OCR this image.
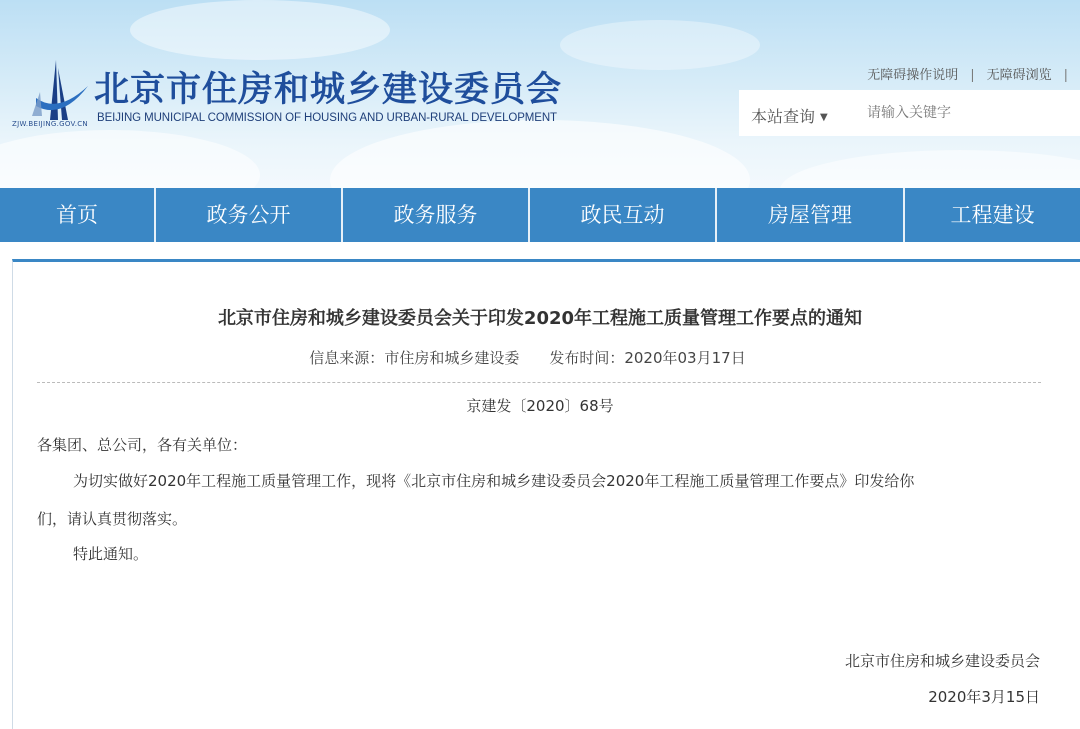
ZJW.BEIJING.GOV.CN
北京市住房和城乡建设委员会
BEIJING MUNICIPAL COMMISSION OF HOUSING AND URBAN-RURAL DEVELOPMENT
无障碍操作说明 | 无障碍浏览 |
本站查询 ▼
请输入关键字
首页	政务公开	政务服务	政民互动	房屋管理	工程建设
北京市住房和城乡建设委员会关于印发2020年工程施工质量管理工作要点的通知
信息来源：市住房和城乡建设委 发布时间：2020年03月17日
京建发〔2020〕68号
各集团、总公司，各有关单位：
为切实做好2020年工程施工质量管理工作，现将《北京市住房和城乡建设委员会2020年工程施工质量管理工作要点》印发给你
们，请认真贯彻落实。
特此通知。
北京市住房和城乡建设委员会
2020年3月15日
